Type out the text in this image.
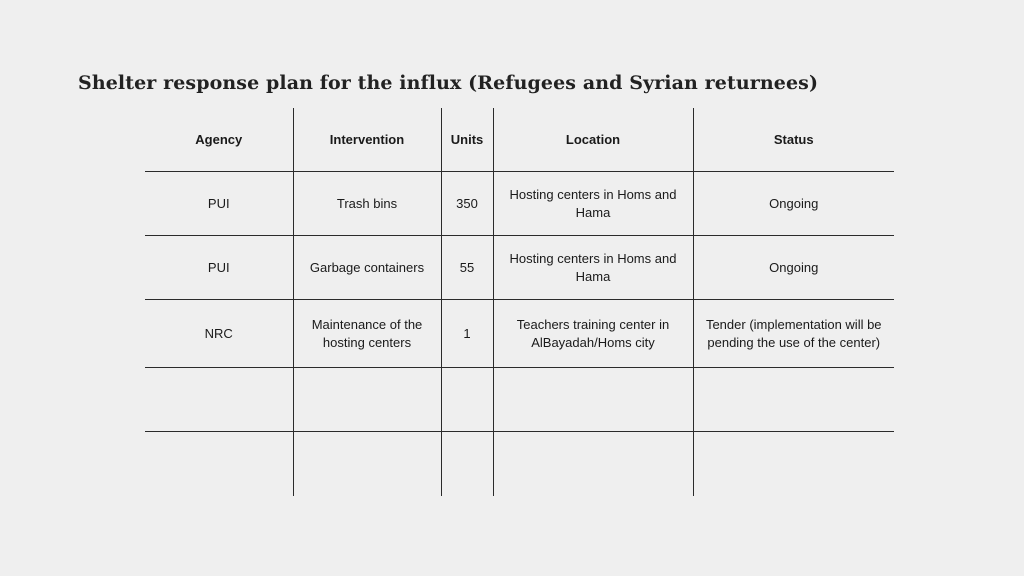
Shelter response plan for the influx (Refugees and Syrian returnees)
Agency	Intervention	Units	Location	Status
PUI	Trash bins	350	Hosting centers in Homs and Hama	Ongoing
PUI	Garbage containers	55	Hosting centers in Homs and Hama	Ongoing
NRC	Maintenance of the hosting centers	1	Teachers training center in AlBayadah/Homs city	Tender (implementation will be pending the use of the center)
